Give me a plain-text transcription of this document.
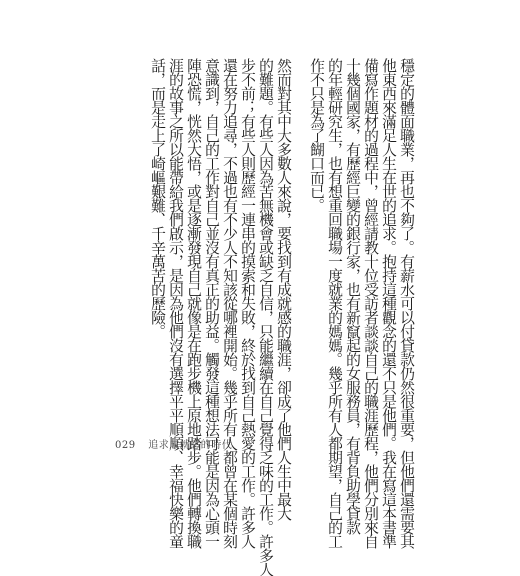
穩定的體面職業，再也不夠了。有薪水可以付貸款仍然很重要，但他們還需要其
他東西來滿足人生在世的追求。抱持這種觀念的還不只是他們。我在寫這本書準
備寫作題材的過程中，曾經請教十位受訪者談談自己的職涯歷程，他們分別來自
十幾個國家，有歷經巨變的銀行家，也有新竄起的女服務員，有背負助學貸款
的年輕研究生，也有想重回職場一度就業的媽媽。幾乎所有人都期望，自己的工
作不只是為了餬口而已。
然而對其中大多數人來說，要找到有成就感的職涯，卻成了他們人生中最大
的難題。有些人因為苦無機會或缺乏自信，只能繼續在自己覺得乏味的工作。許多人
步不前；有些人則歷經一連串的摸索和失敗，終於找到自己熱愛的工作。許多人
還在努力追尋，不過也有不少人不知該從哪裡開始。幾乎所有人都曾在某個時刻
意識到，自己的工作對自己並沒有真正的助益。觸發這種想法可能是因為心頭一
陣恐慌，恍然大悟，或是逐漸發現自己就像是在跑步機上原地踏步。他們轉換職
涯的故事之所以能帶給我們啟示，是因為他們沒有選擇平平順順、幸福快樂的童
話，而是走上了崎嶇艱難、千辛萬苦的歷險。
029 追求成就感的時代
